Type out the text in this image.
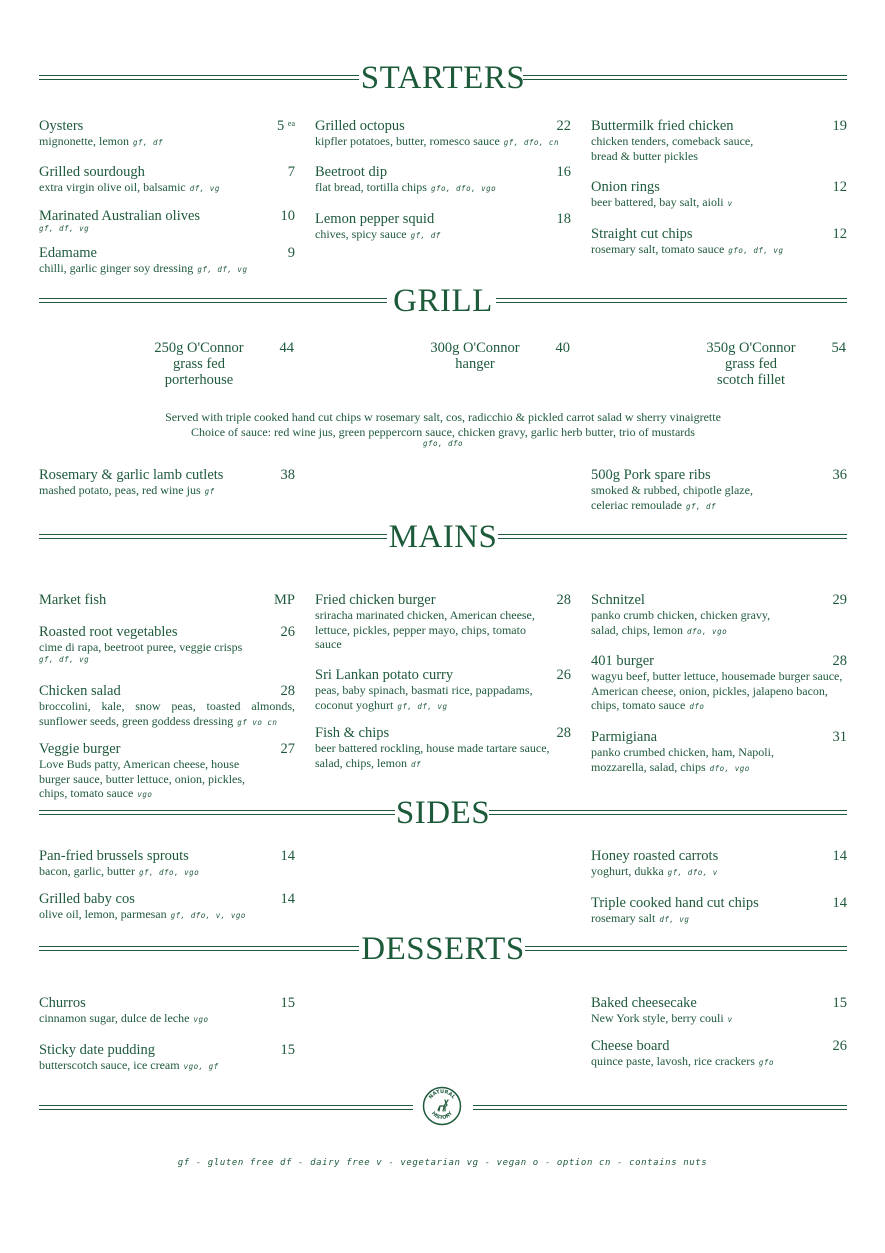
STARTERS
Oysters	5 $^{ea}$
mignonette, lemon gf, df
Grilled sourdough	7
extra virgin olive oil, balsamic df, vg
Marinated Australian olives	10
gf, df, vg
Edamame	9
chilli, garlic ginger soy dressing gf, df, vg
Grilled octopus	22
kipfler potatoes, butter, romesco sauce gf, dfo, cn
Beetroot dip	16
flat bread, tortilla chips gfo, dfo, vgo
Lemon pepper squid	18
chives, spicy sauce gf, df
Buttermilk fried chicken	19
chicken tenders, comeback sauce, bread & butter pickles
Onion rings	12
beer battered, bay salt, aioli v
Straight cut chips	12
rosemary salt, tomato sauce gfo, df, vg
GRILL
250g O'Connor
grass fed
porterhouse
44	300g O'Connor
hanger
40	350g O'Connor
grass fed
scotch fillet
54
Served with triple cooked hand cut chips w rosemary salt, cos, radicchio & pickled carrot salad w sherry vinaigrette
Choice of sauce: red wine jus, green peppercorn sauce, chicken gravy, garlic herb butter, trio of mustards
gfo, dfo
Rosemary & garlic lamb cutlets	38
mashed potato, peas, red wine jus gf
500g Pork spare ribs	36
smoked & rubbed, chipotle glaze, celeriac remoulade gf, df
MAINS
Market fish	MP
Roasted root vegetables	26
cime di rapa, beetroot puree, veggie crisps
gf, df, vg
Chicken salad	28
broccolini, kale, snow peas, toasted almonds, sunflower seeds, green goddess dressing gf vo cn
Veggie burger	27
Love Buds patty, American cheese, house burger sauce, butter lettuce, onion, pickles, chips, tomato sauce vgo
Fried chicken burger	28
sriracha marinated chicken, American cheese, lettuce, pickles, pepper mayo, chips, tomato sauce
Sri Lankan potato curry	26
peas, baby spinach, basmati rice, pappadams, coconut yoghurt gf, df, vg
Fish & chips	28
beer battered rockling, house made tartare sauce, salad, chips, lemon df
Schnitzel	29
panko crumb chicken, chicken gravy, salad, chips, lemon dfo, vgo
401 burger	28
wagyu beef, butter lettuce, housemade burger sauce, American cheese, onion, pickles, jalapeno bacon, chips, tomato sauce dfo
Parmigiana	31
panko crumbed chicken, ham, Napoli, mozzarella, salad, chips dfo, vgo
SIDES
Pan-fried brussels sprouts	14
bacon, garlic, butter gf, dfo, vgo
Grilled baby cos	14
olive oil, lemon, parmesan gf, dfo, v, vgo
Honey roasted carrots	14
yoghurt, dukka gf, dfo, v
Triple cooked hand cut chips	14
rosemary salt df, vg
DESSERTS
Churros	15
cinnamon sugar, dulce de leche vgo
Sticky date pudding	15
butterscotch sauce, ice cream vgo, gf
Baked cheesecake	15
New York style, berry couli v
Cheese board	26
quince paste, lavosh, rice crackers gfo
NATURAL
HISTORY
gf - gluten free df - dairy free v - vegetarian vg - vegan o - option cn - contains nuts
